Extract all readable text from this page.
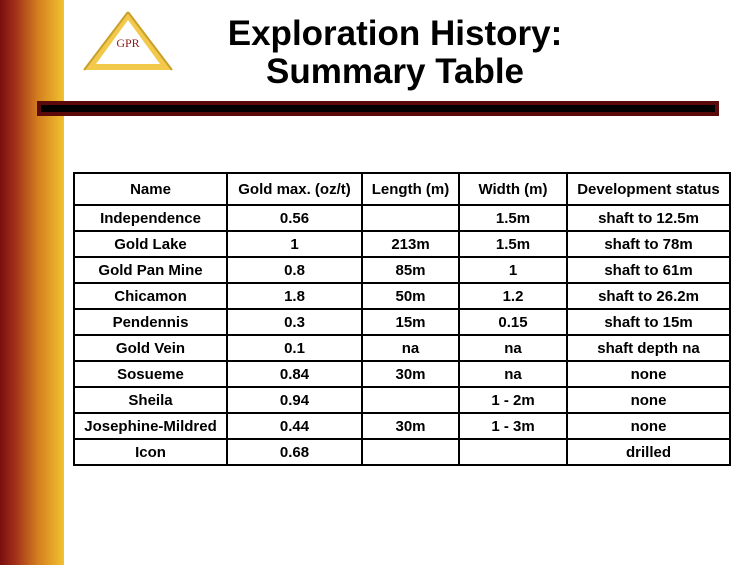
GPR	Exploration History:
Summary Table
Name	Gold max. (oz/t)	Length (m)	Width (m)	Development status
Independence	0.56		1.5m	shaft to 12.5m
Gold Lake	1	213m	1.5m	shaft to 78m
Gold Pan Mine	0.8	85m	1	shaft to 61m
Chicamon	1.8	50m	1.2	shaft to 26.2m
Pendennis	0.3	15m	0.15	shaft to 15m
Gold Vein	0.1	na	na	shaft depth na
Sosueme	0.84	30m	na	none
Sheila	0.94		1 - 2m	none
Josephine-Mildred	0.44	30m	1 - 3m	none
Icon	0.68			drilled
